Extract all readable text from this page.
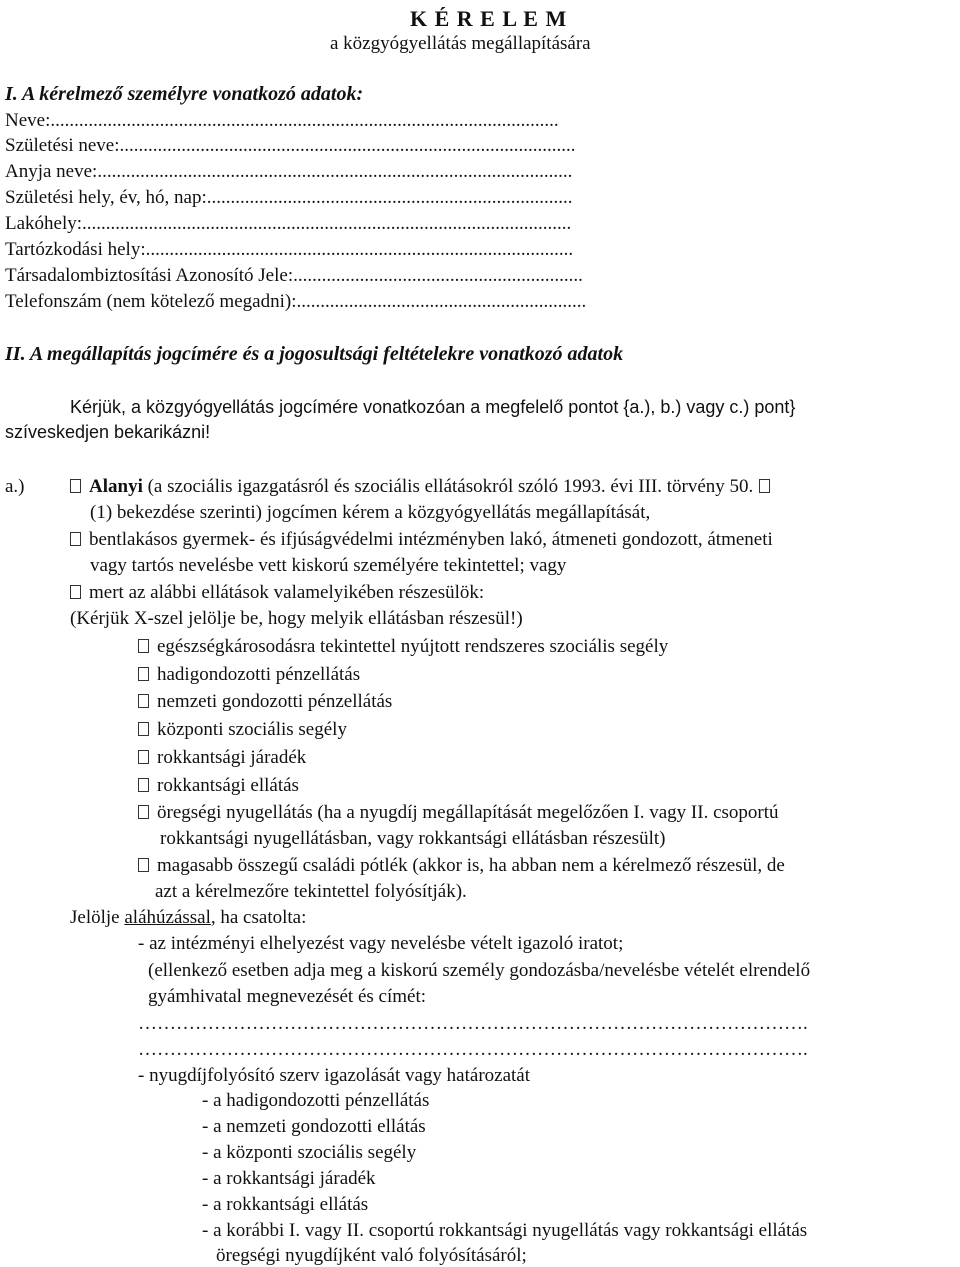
K É R E L E M
a közgyógyellátás megállapítására
I. A kérelmező személyre vonatkozó adatok:
Neve:...........................................................................................................
Születési neve:................................................................................................
Anyja neve:....................................................................................................
Születési hely, év, hó, nap:.............................................................................
Lakóhely:.......................................................................................................
Tartózkodási hely:..........................................................................................
Társadalombiztosítási Azonosító Jele:.............................................................
Telefonszám (nem kötelező megadni):.............................................................
II. A megállapítás jogcímére és a jogosultsági feltételekre vonatkozó adatok
Kérjük, a közgyógyellátás jogcímére vonatkozóan a megfelelő pontot {a.), b.) vagy c.) pont}
szíveskedjen bekarikázni!
a.)	Alanyi (a szociális igazgatásról és szociális ellátásokról szóló 1993. évi III. törvény 50.
(1) bekezdése szerinti) jogcímen kérem a közgyógyellátás megállapítását,
bentlakásos gyermek- és ifjúságvédelmi intézményben lakó, átmeneti gondozott, átmeneti
vagy tartós nevelésbe vett kiskorú személyére tekintettel; vagy
mert az alábbi ellátások valamelyikében részesülök:
(Kérjük X-szel jelölje be, hogy melyik ellátásban részesül!)
egészségkárosodásra tekintettel nyújtott rendszeres szociális segély
hadigondozotti pénzellátás
nemzeti gondozotti pénzellátás
központi szociális segély
rokkantsági járadék
rokkantsági ellátás
öregségi nyugellátás (ha a nyugdíj megállapítását megelőzően I. vagy II. csoportú
rokkantsági nyugellátásban, vagy rokkantsági ellátásban részesült)
magasabb összegű családi pótlék (akkor is, ha abban nem a kérelmező részesül, de
azt a kérelmezőre tekintettel folyósítják).
Jelölje aláhúzással, ha csatolta:
- az intézményi elhelyezést vagy nevelésbe vételt igazoló iratot;
(ellenkező esetben adja meg a kiskorú személy gondozásba/nevelésbe vételét elrendelő
gyámhivatal megnevezését és címét:
…………………………………………………………………………………………….
…………………………………………………………………………………………….
- nyugdíjfolyósító szerv igazolását vagy határozatát
- a hadigondozotti pénzellátás
- a nemzeti gondozotti ellátás
- a központi szociális segély
- a rokkantsági járadék
- a rokkantsági ellátás
- a korábbi I. vagy II. csoportú rokkantsági nyugellátás vagy rokkantsági ellátás
öregségi nyugdíjként való folyósításáról;
